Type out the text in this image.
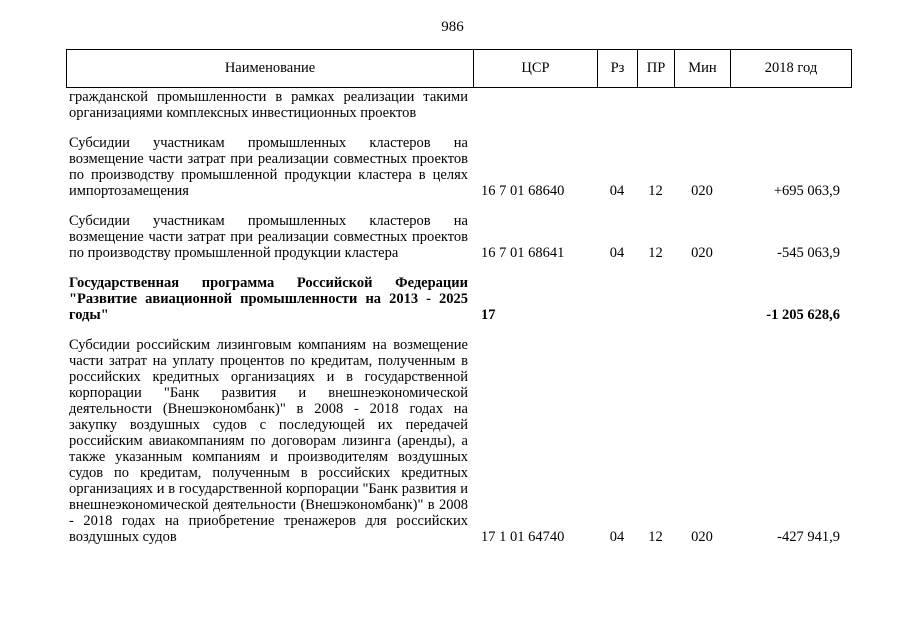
986
Наименование	ЦСР	Рз	ПР	Мин	2018 год
гражданской промышленности в рамках реализации такими организациями комплексных инвестиционных проектов					

Субсидии участникам промышленных кластеров на возмещение части затрат при реализации совместных проектов по производству промышленной продукции кластера в целях импортозамещения	16 7 01 68640	04	12	020	+695 063,9

Субсидии участникам промышленных кластеров на возмещение части затрат при реализации совместных проектов по производству промышленной продукции кластера	16 7 01 68641	04	12	020	-545 063,9

Государственная программа Российской Федерации "Развитие авиационной промышленности на 2013 - 2025 годы"	17				-1 205 628,6

Субсидии российским лизинговым компаниям на возмещение части затрат на уплату процентов по кредитам, полученным в российских кредитных организациях и в государственной корпорации "Банк развития и внешнеэкономической деятельности (Внешэкономбанк)" в 2008 - 2018 годах на закупку воздушных судов с последующей их передачей российским авиакомпаниям по договорам лизинга (аренды), а также указанным компаниям и производителям воздушных судов по кредитам, полученным в российских кредитных организациях и в государственной корпорации "Банк развития и внешнеэкономической деятельности (Внешэкономбанк)" в 2008 - 2018 годах на приобретение тренажеров для российских воздушных судов	17 1 01 64740	04	12	020	-427 941,9
